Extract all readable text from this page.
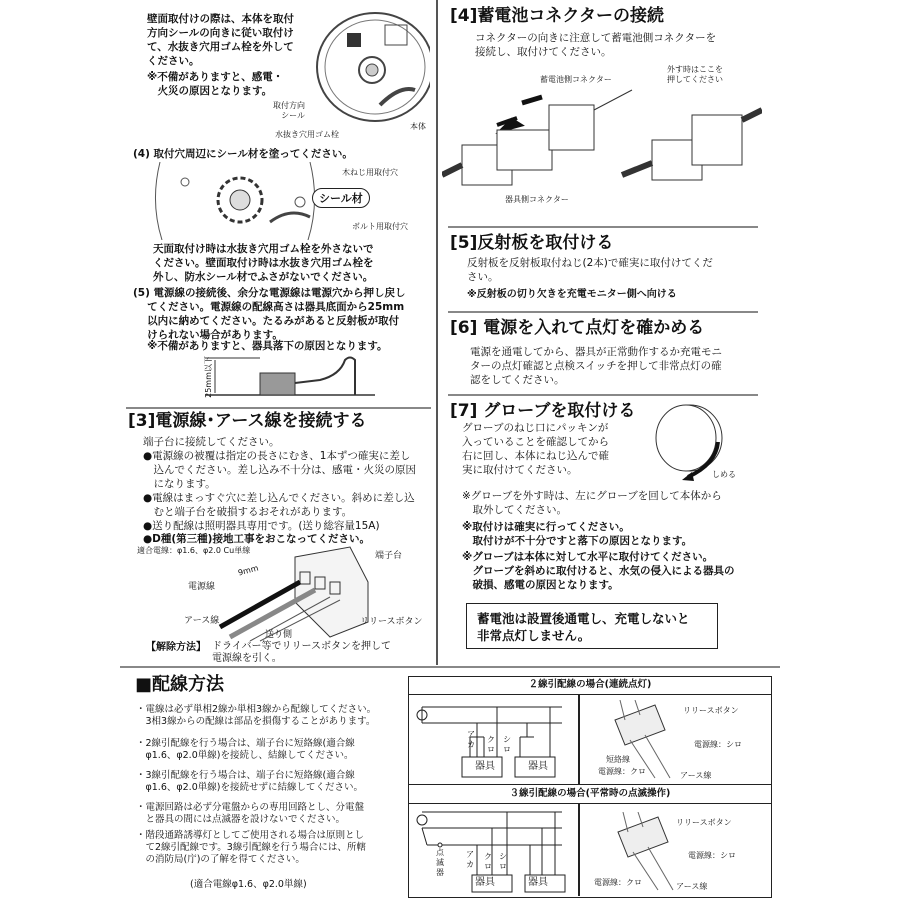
壁面取付けの際は、本体を取付
方向シールの向きに従い取付け
て、水抜き穴用ゴム栓を外して
ください。
※不備がありますと、感電・
　火災の原因となります。
取付方向
シール
本体
水抜き穴用ゴム栓
(4) 取付穴周辺にシール材を塗ってください。
木ねじ用取付穴
シール材
ボルト用取付穴
天面取付け時は水抜き穴用ゴム栓を外さないで
ください。壁面取付け時は水抜き穴用ゴム栓を
外し、防水シール材でふさがないでください。
(5) 電源線の接続後、余分な電源線は電源穴から押し戻し
　 てください。電源線の配線高さは器具底面から25mm
　 以内に納めてください。たるみがあると反射板が取付
　 けられない場合があります。
　 ※不備がありますと、器具落下の原因となります。
25mm以下
[3]電源線･アース線を接続する
端子台に接続してください。
●電源線の被覆は指定の長さにむき、1本ずつ確実に差し
　込んでください。差し込み不十分は、感電・火災の原因
　になります。
●電線はまっすぐ穴に差し込んでください。斜めに差し込
　むと端子台を破損するおそれがあります。
●送り配線は照明器具専用です。(送り総容量15A)
●D種(第三種)接地工事をおこなってください。
適合電線：φ1.6、φ2.0 Cu単線
端子台
9mm
電源線
アース線	リリースボタン
送り側
【解除方法】 ドライバー等でリリースボタンを押して
電源線を引く。
[4]蓄電池コネクターの接続
コネクターの向きに注意して蓄電池側コネクターを
接続し、取付けてください。
蓄電池側コネクター
外す時はここを
押してください
器具側コネクター
[5]反射板を取付ける
反射板を反射板取付ねじ(2本)で確実に取付けてくだ
さい。
※反射板の切り欠きを充電モニター側へ向ける
[6] 電源を入れて点灯を確かめる
電源を通電してから、器具が正常動作するか充電モニ
ターの点灯確認と点検スイッチを押して非常点灯の確
認をしてください。
[7] グローブを取付ける
グローブのねじ口にパッキンが
入っていることを確認してから
右に回し、本体にねじ込んで確
実に取付けてください。	しめる
※グローブを外す時は、左にグローブを回して本体から
　取外してください。
※取付けは確実に行ってください。
　取付けが不十分ですと落下の原因となります。
※グローブは本体に対して水平に取付けてください。
　グローブを斜めに取付けると、水気の侵入による器具の
　破損、感電の原因となります。
蓄電池は設置後通電し、充電しないと
非常点灯しません。
■配線方法
・電線は必ず単相2線か単相3線から配線してください。
　3相3線からの配線は部品を損傷することがあります。
・2線引配線を行う場合は、端子台に短絡線(適合線
　φ1.6、φ2.0単線)を接続し、結線してください。
・3線引配線を行う場合は、端子台に短絡線(適合線
　φ1.6、φ2.0単線)を接続せずに結線してください。
・電源回路は必ず分電盤からの専用回路とし、分電盤
　と器具の間には点滅器を設けないでください。
・階段通路誘導灯としてご使用される場合は原則とし
　て2線引配線です。3線引配線を行う場合には、所轄
　の消防局(庁)の了解を得てください。
(適合電線φ1.6、φ2.0単線)
２線引配線の場合(連続点灯)
３線引配線の場合(平常時の点滅操作)
アカ
クロ
シロ
器具	器具
リリースボタン
電源線：シロ
短絡線
電源線：クロ	アース線
点滅器
アカ
クロ
シロ
器具	器具
リリースボタン
電源線：シロ
電源線：クロ	アース線
